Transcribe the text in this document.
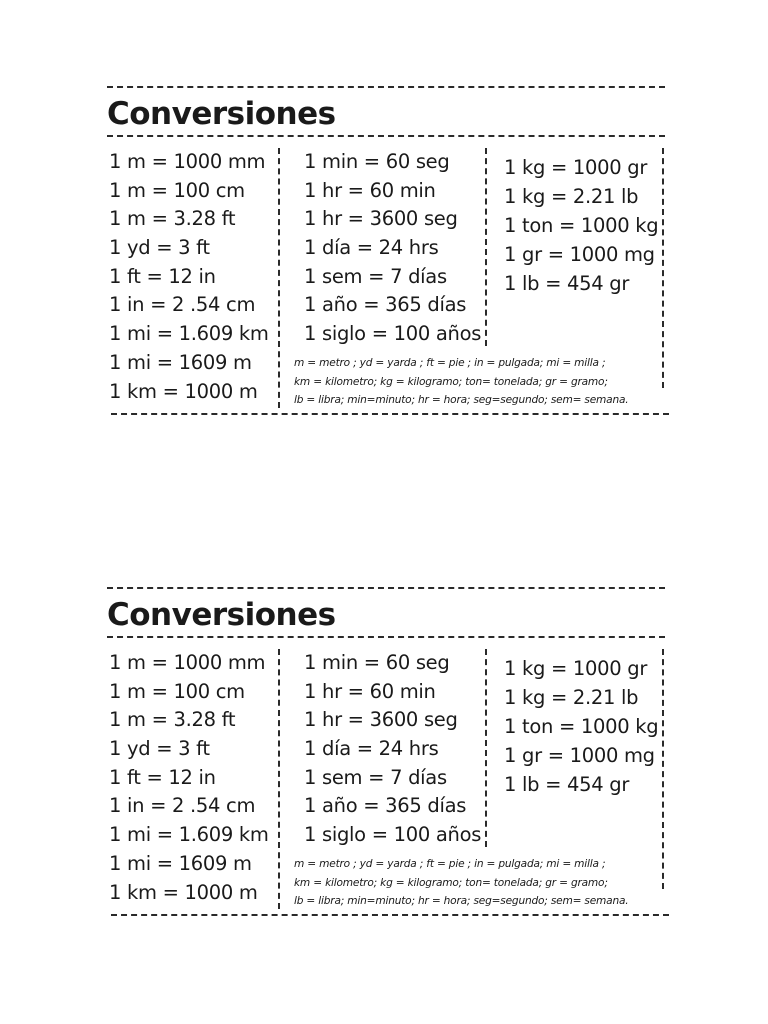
Conversiones
1 m = 1000 mm
1 m = 100 cm
1 m = 3.28 ft
1 yd = 3 ft
1 ft = 12 in
1 in = 2 .54 cm
1 mi = 1.609 km
1 mi = 1609 m
1 km = 1000 m
1 min = 60 seg
1 hr = 60 min
1 hr = 3600 seg
1 día = 24 hrs
1 sem = 7 días
1 año = 365 días
1 siglo = 100 años
1 kg = 1000 gr
1 kg = 2.21 lb
1 ton = 1000 kg
1 gr = 1000 mg
1 lb = 454 gr
m = metro ; yd = yarda ; ft = pie ; in = pulgada; mi = milla ;
km = kilometro; kg = kilogramo; ton= tonelada; gr = gramo;
lb = libra; min=minuto; hr = hora; seg=segundo; sem= semana.
Conversiones
1 m = 1000 mm
1 m = 100 cm
1 m = 3.28 ft
1 yd = 3 ft
1 ft = 12 in
1 in = 2 .54 cm
1 mi = 1.609 km
1 mi = 1609 m
1 km = 1000 m
1 min = 60 seg
1 hr = 60 min
1 hr = 3600 seg
1 día = 24 hrs
1 sem = 7 días
1 año = 365 días
1 siglo = 100 años
1 kg = 1000 gr
1 kg = 2.21 lb
1 ton = 1000 kg
1 gr = 1000 mg
1 lb = 454 gr
m = metro ; yd = yarda ; ft = pie ; in = pulgada; mi = milla ;
km = kilometro; kg = kilogramo; ton= tonelada; gr = gramo;
lb = libra; min=minuto; hr = hora; seg=segundo; sem= semana.
